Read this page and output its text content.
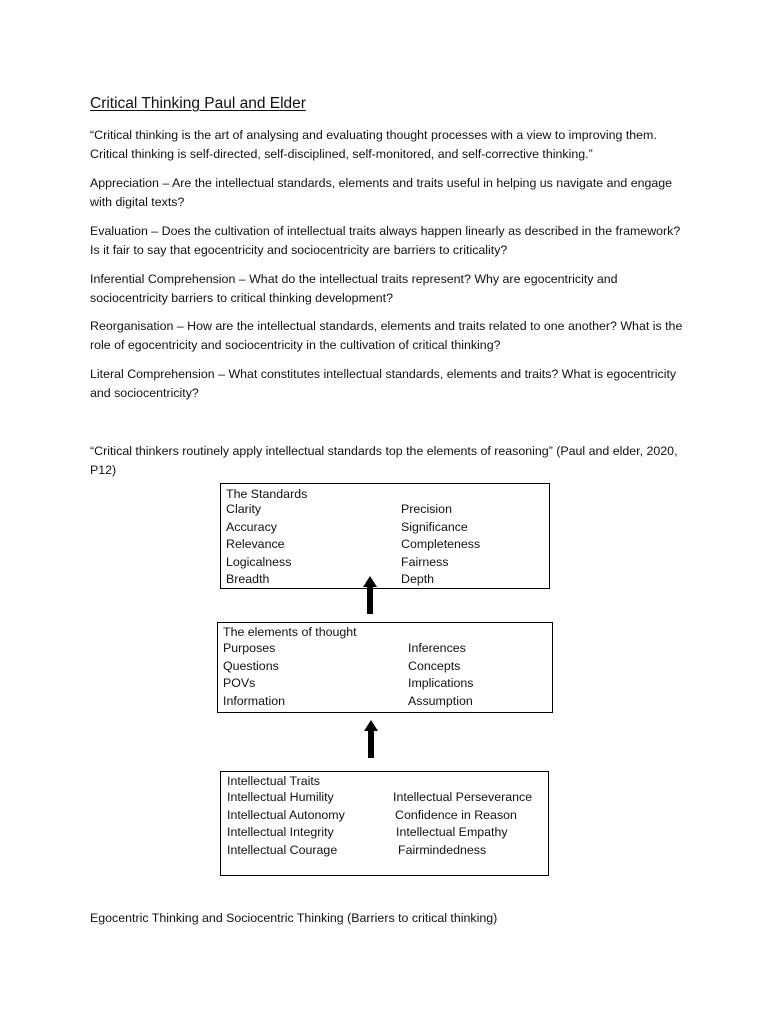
Critical Thinking Paul and Elder

“Critical thinking is the art of analysing and evaluating thought processes with a view to improving them. Critical thinking is self-directed, self-disciplined, self-monitored, and self-corrective thinking.”

Appreciation – Are the intellectual standards, elements and traits useful in helping us navigate and engage with digital texts?

Evaluation – Does the cultivation of intellectual traits always happen linearly as described in the framework? Is it fair to say that egocentricity and sociocentricity are barriers to criticality?

Inferential Comprehension – What do the intellectual traits represent? Why are egocentricity and sociocentricity barriers to critical thinking development?

Reorganisation – How are the intellectual standards, elements and traits related to one another? What is the role of egocentricity and sociocentricity in the cultivation of critical thinking?

Literal Comprehension – What constitutes intellectual standards, elements and traits? What is egocentricity and sociocentricity?

“Critical thinkers routinely apply intellectual standards top the elements of reasoning” (Paul and elder, 2020, P12)

The Standards
Clarity
Accuracy
Relevance
Logicalness
Breadth
Precision
Significance
Completeness
Fairness
Depth
The elements of thought
Purposes
Questions
POVs
Information
Inferences
Concepts
Implications
Assumption
Intellectual Traits
Intellectual Humility
Intellectual Autonomy
Intellectual Integrity
Intellectual Courage
Intellectual Perseverance
Confidence in Reason
Intellectual Empathy
Fairmindedness
Egocentric Thinking and Sociocentric Thinking (Barriers to critical thinking)
